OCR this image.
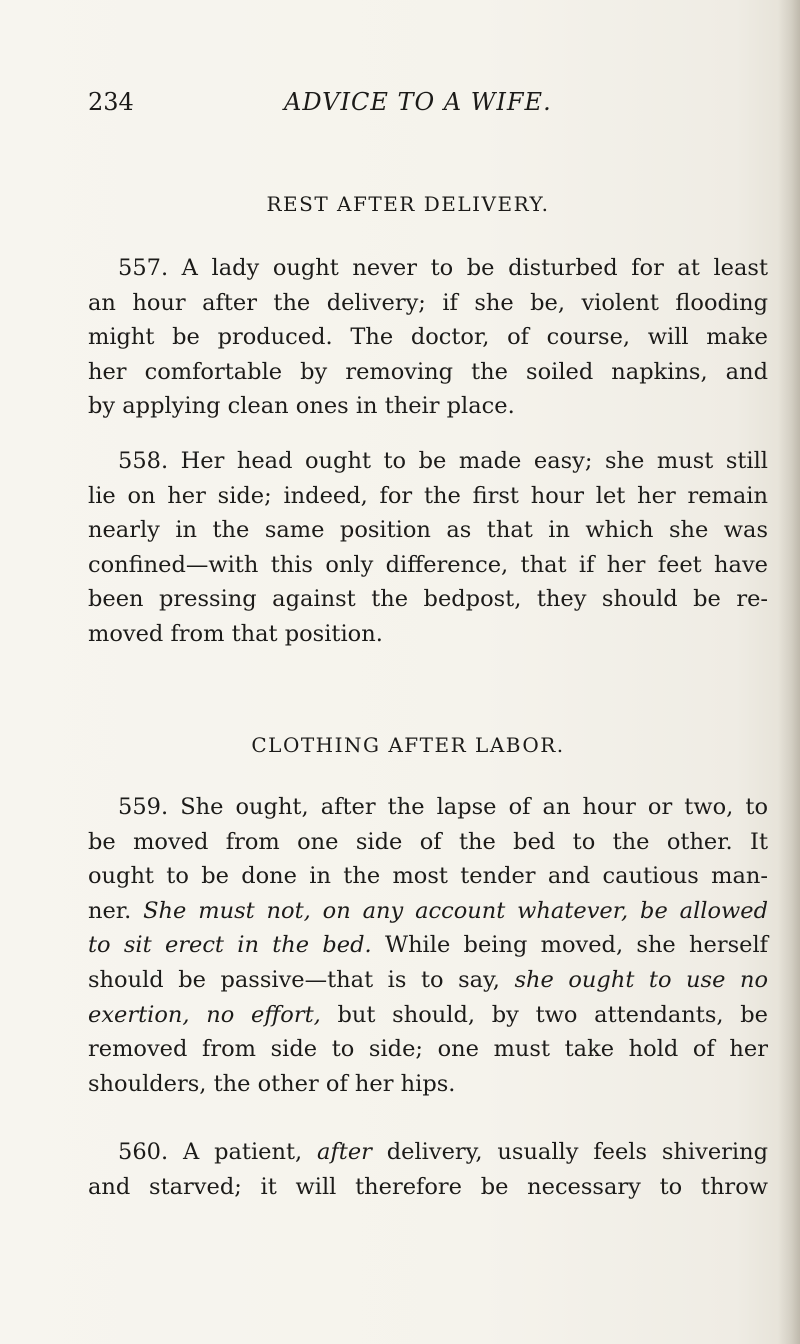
234	ADVICE TO A WIFE.
REST AFTER DELIVERY.
557. A lady ought never to be disturbed for at least
an hour after the delivery; if she be, violent flooding
might be produced. The doctor, of course, will make
her comfortable by removing the soiled napkins, and
by applying clean ones in their place.
558. Her head ought to be made easy; she must still
lie on her side; indeed, for the first hour let her remain
nearly in the same position as that in which she was
confined—with this only difference, that if her feet have
been pressing against the bedpost, they should be re-
moved from that position.
CLOTHING AFTER LABOR.
559. She ought, after the lapse of an hour or two, to
be moved from one side of the bed to the other. It
ought to be done in the most tender and cautious man-
ner. She must not, on any account whatever, be allowed
to sit erect in the bed. While being moved, she herself
should be passive—that is to say, she ought to use no
exertion, no effort, but should, by two attendants, be
removed from side to side; one must take hold of her
shoulders, the other of her hips.
560. A patient, after delivery, usually feels shivering
and starved; it will therefore be necessary to throw
